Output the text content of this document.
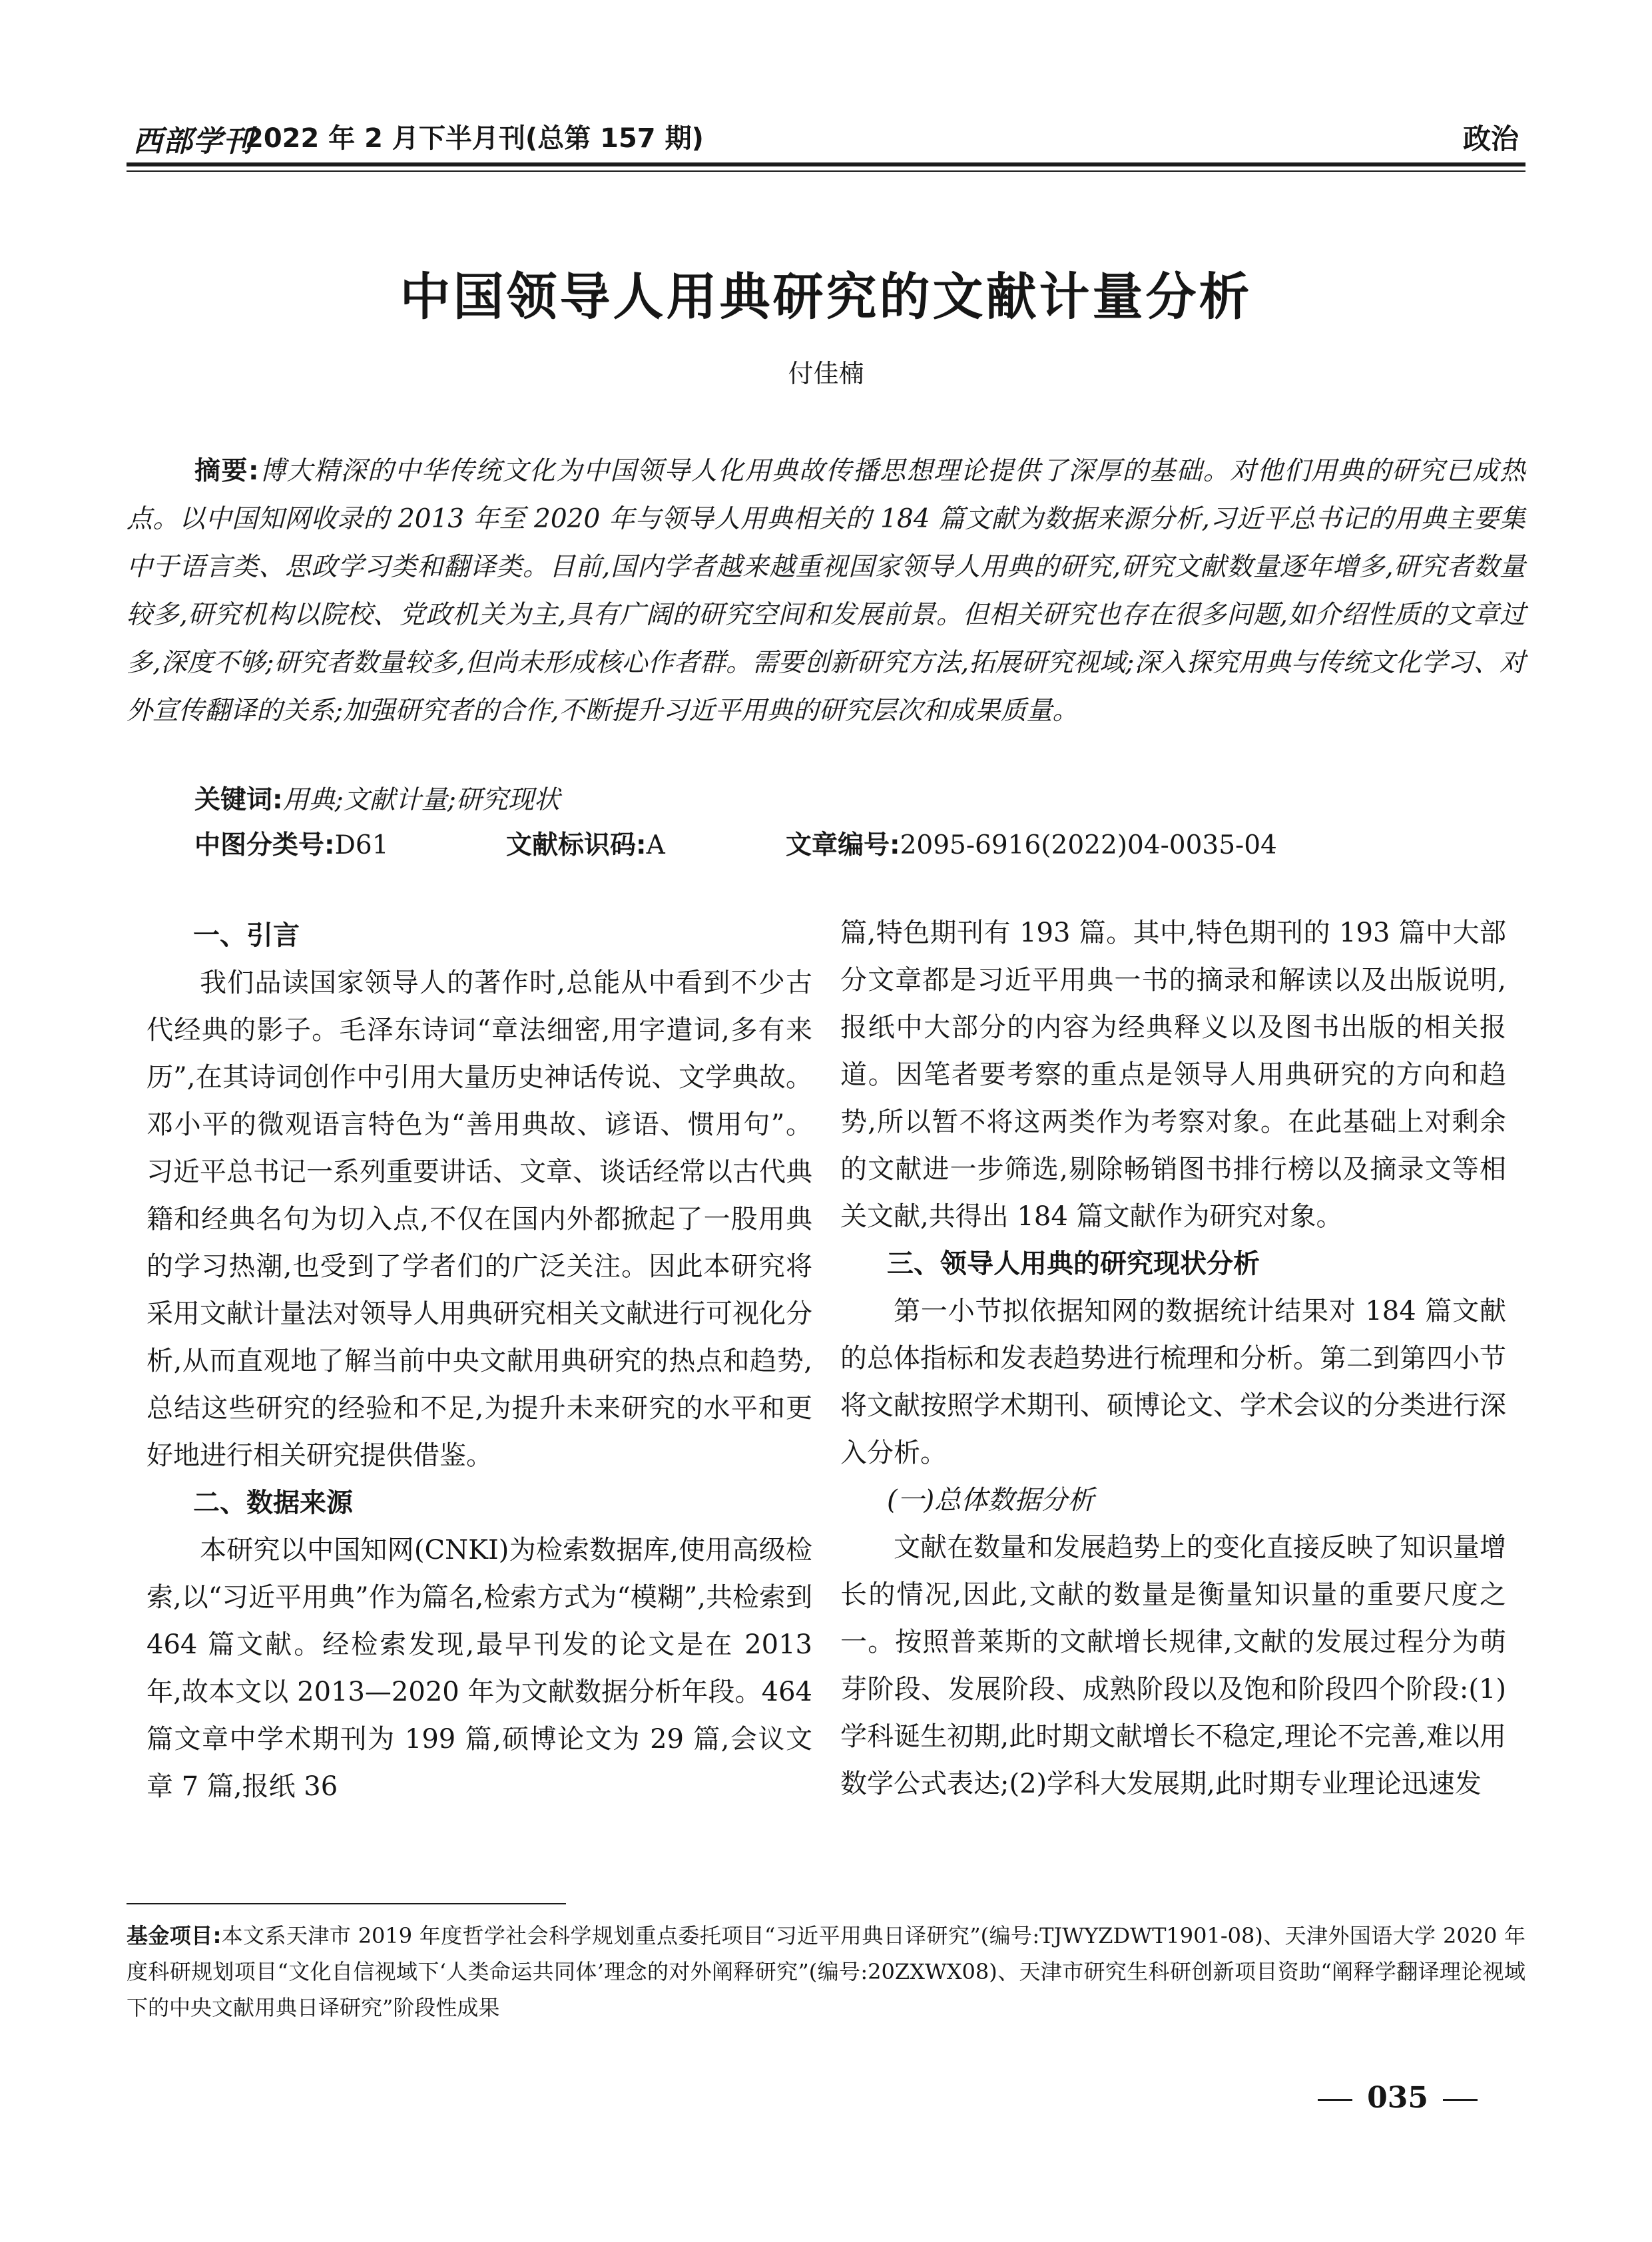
西部学刊
2022 年 2 月下半月刊(总第 157 期)	政治
中国领导人用典研究的文献计量分析
付佳楠
摘要:博大精深的中华传统文化为中国领导人化用典故传播思想理论提供了深厚的基础。对他们用典的研究已成热点。以中国知网收录的 2013 年至 2020 年与领导人用典相关的 184 篇文献为数据来源分析,习近平总书记的用典主要集中于语言类、思政学习类和翻译类。目前,国内学者越来越重视国家领导人用典的研究,研究文献数量逐年增多,研究者数量较多,研究机构以院校、党政机关为主,具有广阔的研究空间和发展前景。但相关研究也存在很多问题,如介绍性质的文章过多,深度不够;研究者数量较多,但尚未形成核心作者群。需要创新研究方法,拓展研究视域;深入探究用典与传统文化学习、对外宣传翻译的关系;加强研究者的合作,不断提升习近平用典的研究层次和成果质量。
关键词:用典;文献计量;研究现状
中图分类号:D61	文献标识码:A	文章编号:2095-6916(2022)04-0035-04
一、引言

我们品读国家领导人的著作时,总能从中看到不少古代经典的影子。毛泽东诗词“章法细密,用字遣词,多有来历”,在其诗词创作中引用大量历史神话传说、文学典故。邓小平的微观语言特色为“善用典故、谚语、惯用句”。习近平总书记一系列重要讲话、文章、谈话经常以古代典籍和经典名句为切入点,不仅在国内外都掀起了一股用典的学习热潮,也受到了学者们的广泛关注。因此本研究将采用文献计量法对领导人用典研究相关文献进行可视化分析,从而直观地了解当前中央文献用典研究的热点和趋势,总结这些研究的经验和不足,为提升未来研究的水平和更好地进行相关研究提供借鉴。

二、数据来源

本研究以中国知网(CNKI)为检索数据库,使用高级检索,以“习近平用典”作为篇名,检索方式为“模糊”,共检索到 464 篇文献。经检索发现,最早刊发的论文是在 2013 年,故本文以 2013—2020 年为文献数据分析年段。464 篇文章中学术期刊为 199 篇,硕博论文为 29 篇,会议文章 7 篇,报纸 36

篇,特色期刊有 193 篇。其中,特色期刊的 193 篇中大部分文章都是习近平用典一书的摘录和解读以及出版说明,报纸中大部分的内容为经典释义以及图书出版的相关报道。因笔者要考察的重点是领导人用典研究的方向和趋势,所以暂不将这两类作为考察对象。在此基础上对剩余的文献进一步筛选,剔除畅销图书排行榜以及摘录文等相关文献,共得出 184 篇文献作为研究对象。

三、领导人用典的研究现状分析

第一小节拟依据知网的数据统计结果对 184 篇文献的总体指标和发表趋势进行梳理和分析。第二到第四小节将文献按照学术期刊、硕博论文、学术会议的分类进行深入分析。

(一)总体数据分析

文献在数量和发展趋势上的变化直接反映了知识量增长的情况,因此,文献的数量是衡量知识量的重要尺度之一。按照普莱斯的文献增长规律,文献的发展过程分为萌芽阶段、发展阶段、成熟阶段以及饱和阶段四个阶段:(1)学科诞生初期,此时期文献增长不稳定,理论不完善,难以用数学公式表达;(2)学科大发展期,此时期专业理论迅速发

基金项目:本文系天津市 2019 年度哲学社会科学规划重点委托项目“习近平用典日译研究”(编号:TJWYZDWT1901-08)、天津外国语大学 2020 年度科研规划项目“文化自信视域下‘人类命运共同体’理念的对外阐释研究”(编号:20ZXWX08)、天津市研究生科研创新项目资助“阐释学翻译理论视域下的中央文献用典日译研究”阶段性成果
035
